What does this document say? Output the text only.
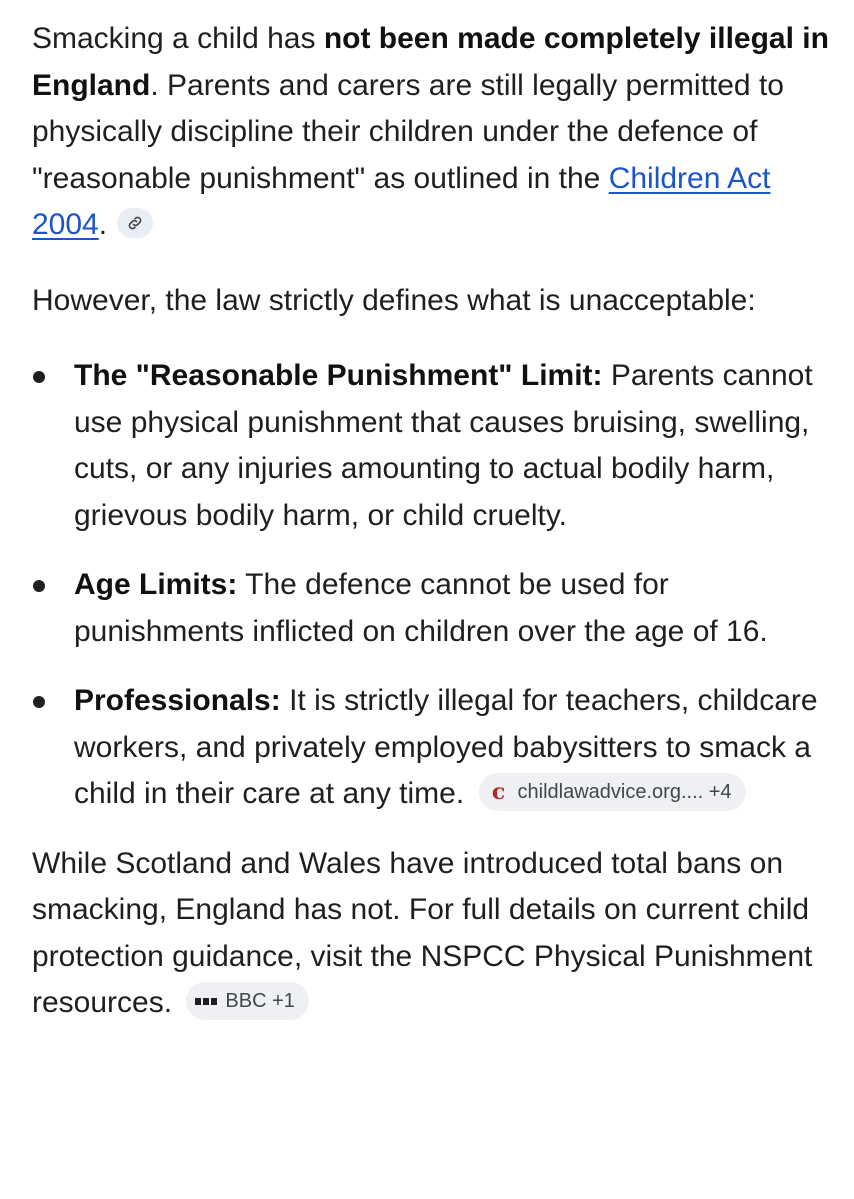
Smacking a child has not been made completely illegal in England. Parents and carers are still legally permitted to physically discipline their children under the defence of "reasonable punishment" as outlined in the Children Act 2004.

However, the law strictly defines what is unacceptable:

The "Reasonable Punishment" Limit: Parents cannot use physical punishment that causes bruising, swelling, cuts, or any injuries amounting to actual bodily harm, grievous bodily harm, or child cruelty.
Age Limits: The defence cannot be used for punishments inflicted on children over the age of 16.
Professionals: It is strictly illegal for teachers, childcare workers, and privately employed babysitters to smack a child in their care at any time. c childlawadvice.org.... +4

While Scotland and Wales have introduced total bans on smacking, England has not. For full details on current child protection guidance, visit the NSPCC Physical Punishment resources.	BBC +1
